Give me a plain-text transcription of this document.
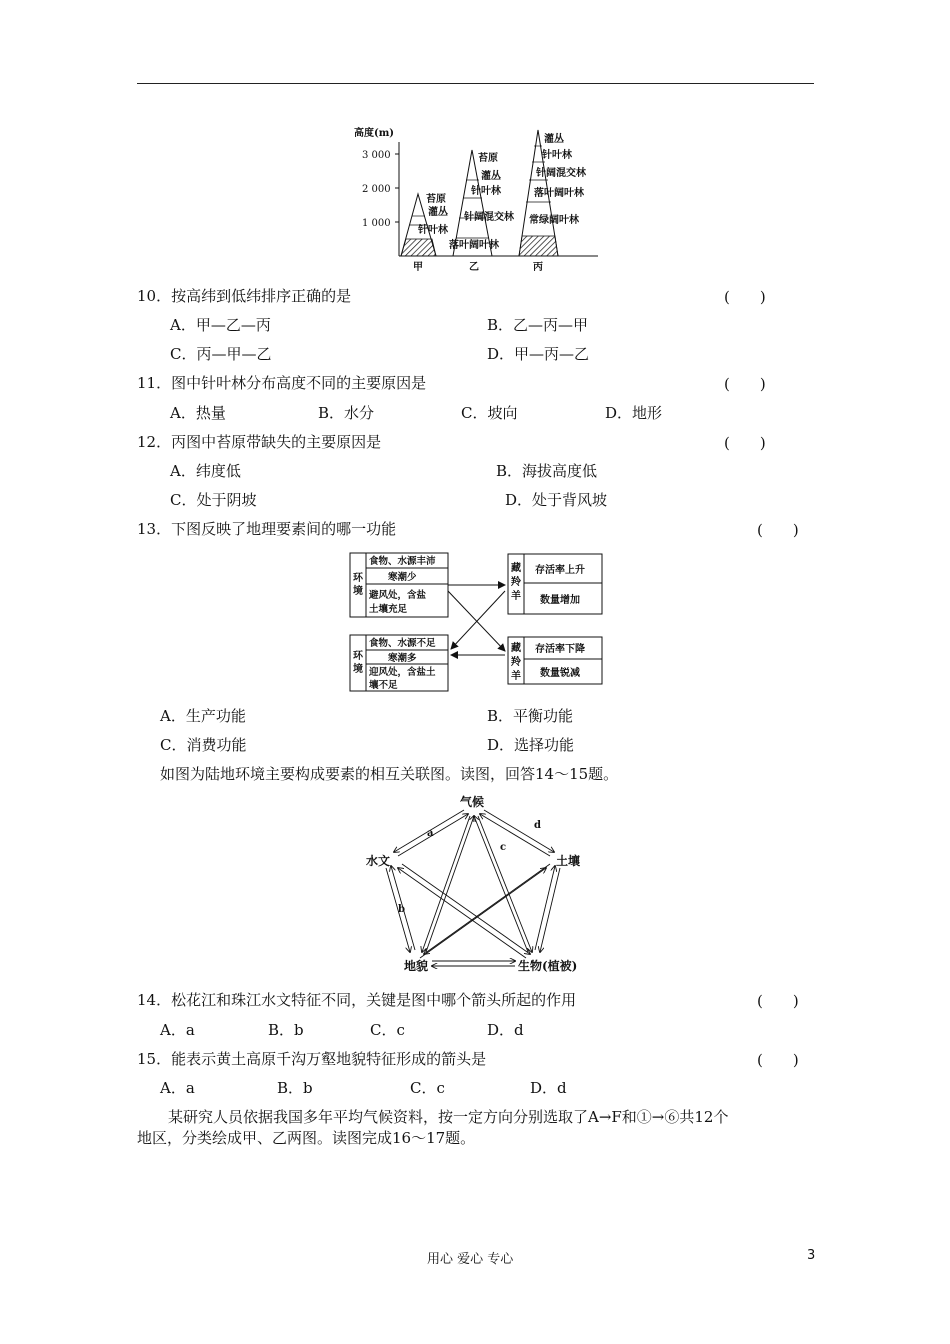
高度(m)
3 000
2 000
1 000
苔原
灌丛
针叶林
甲
苔原
灌丛
针叶林
针阔混交林
落叶阔叶林
乙
灌丛
针叶林
针阔混交林
落叶阔叶林
常绿阔叶林
丙
10．按高纬到低纬排序正确的是	(　　)
A．甲—乙—丙	B．乙—丙—甲
C．丙—甲—乙	D．甲—丙—乙
11．图中针叶林分布高度不同的主要原因是	(　　)
A．热量	B．水分	C．坡向	D．地形
12．丙图中苔原带缺失的主要原因是	(　　)
A．纬度低	B．海拔高度低
C．处于阴坡	D．处于背风坡
13．下图反映了地理要素间的哪一功能	(　　)
环
境
食物、水源丰沛
寒潮少
避风处，含盐
土壤充足
环
境
食物、水源不足
寒潮多
迎风处，含盐土
壤不足
藏
羚
羊
存活率上升
数量增加
藏
羚
羊
存活率下降
数量锐减
A．生产功能	B．平衡功能
C．消费功能	D．选择功能
如图为陆地环境主要构成要素的相互关联图。读图，回答14～15题。
气候
水文	土壤
地貌	生物(植被)
a
b
c
d
14．松花江和珠江水文特征不同，关键是图中哪个箭头所起的作用	(　　)
A．a	B．b	C．c	D．d
15．能表示黄土高原千沟万壑地貌特征形成的箭头是	(　　)
A．a	B．b	C．c	D．d
某研究人员依据我国多年平均气候资料，按一定方向分别选取了A→F和①→⑥共12个
地区，分类绘成甲、乙两图。读图完成16～17题。
用心 爱心 专心	3
